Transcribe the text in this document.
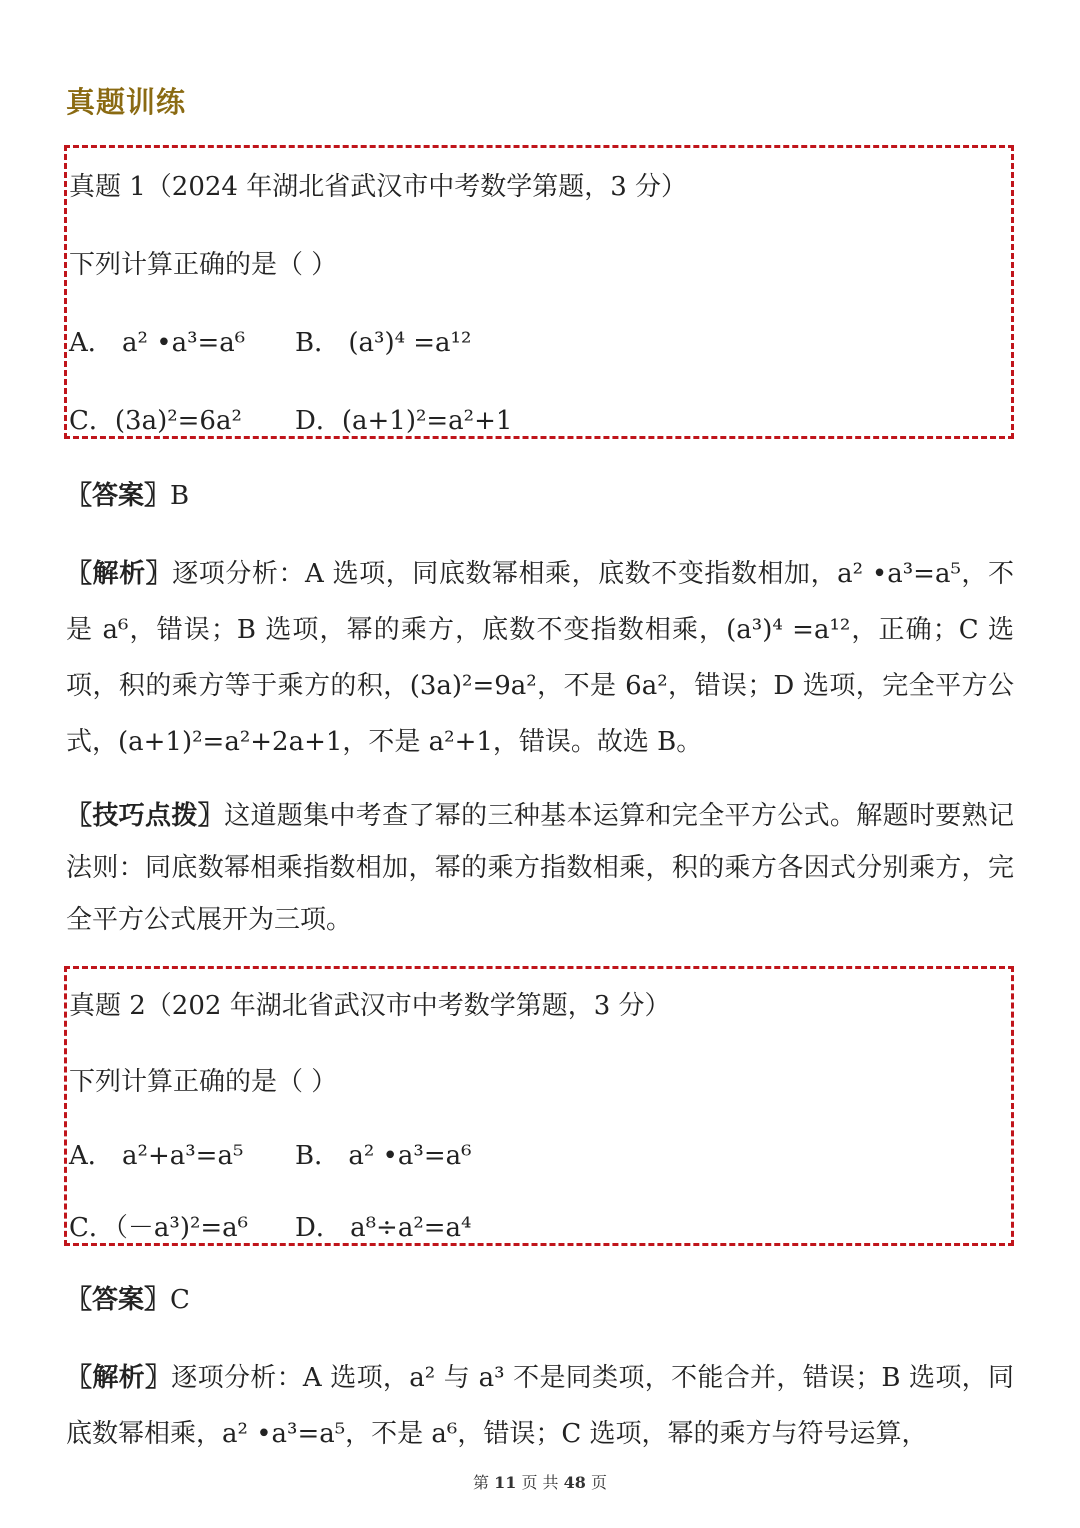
真题训练
真题 1（2024 年湖北省武汉市中考数学第题，3 分）
下列计算正确的是（ ）
A． a² •a³=a⁶ B． (a³)⁴ =a¹²
C．(3a)²=6a² D．(a+1)²=a²+1
〖答案〗B
〖解析〗逐项分析：A 选项，同底数幂相乘，底数不变指数相加，a² •a³=a⁵，不是 a⁶，错误；B 选项，幂的乘方，底数不变指数相乘，(a³)⁴ =a¹²，正确；C 选项，积的乘方等于乘方的积，(3a)²=9a²，不是 6a²，错误；D 选项，完全平方公式，(a+1)²=a²+2a+1，不是 a²+1，错误。故选 B。
〖技巧点拨〗这道题集中考查了幂的三种基本运算和完全平方公式。解题时要熟记法则：同底数幂相乘指数相加，幂的乘方指数相乘，积的乘方各因式分别乘方，完全平方公式展开为三项。
真题 2（202 年湖北省武汉市中考数学第题，3 分）
下列计算正确的是（ ）
A． a²+a³=a⁵ B． a² •a³=a⁶
C．（－a³)²=a⁶ D． a⁸÷a²=a⁴
〖答案〗C
〖解析〗逐项分析：A 选项，a² 与 a³ 不是同类项，不能合并，错误；B 选项，同底数幂相乘，a² •a³=a⁵，不是 a⁶，错误；C 选项，幂的乘方与符号运算，
第 11 页 共 48 页
